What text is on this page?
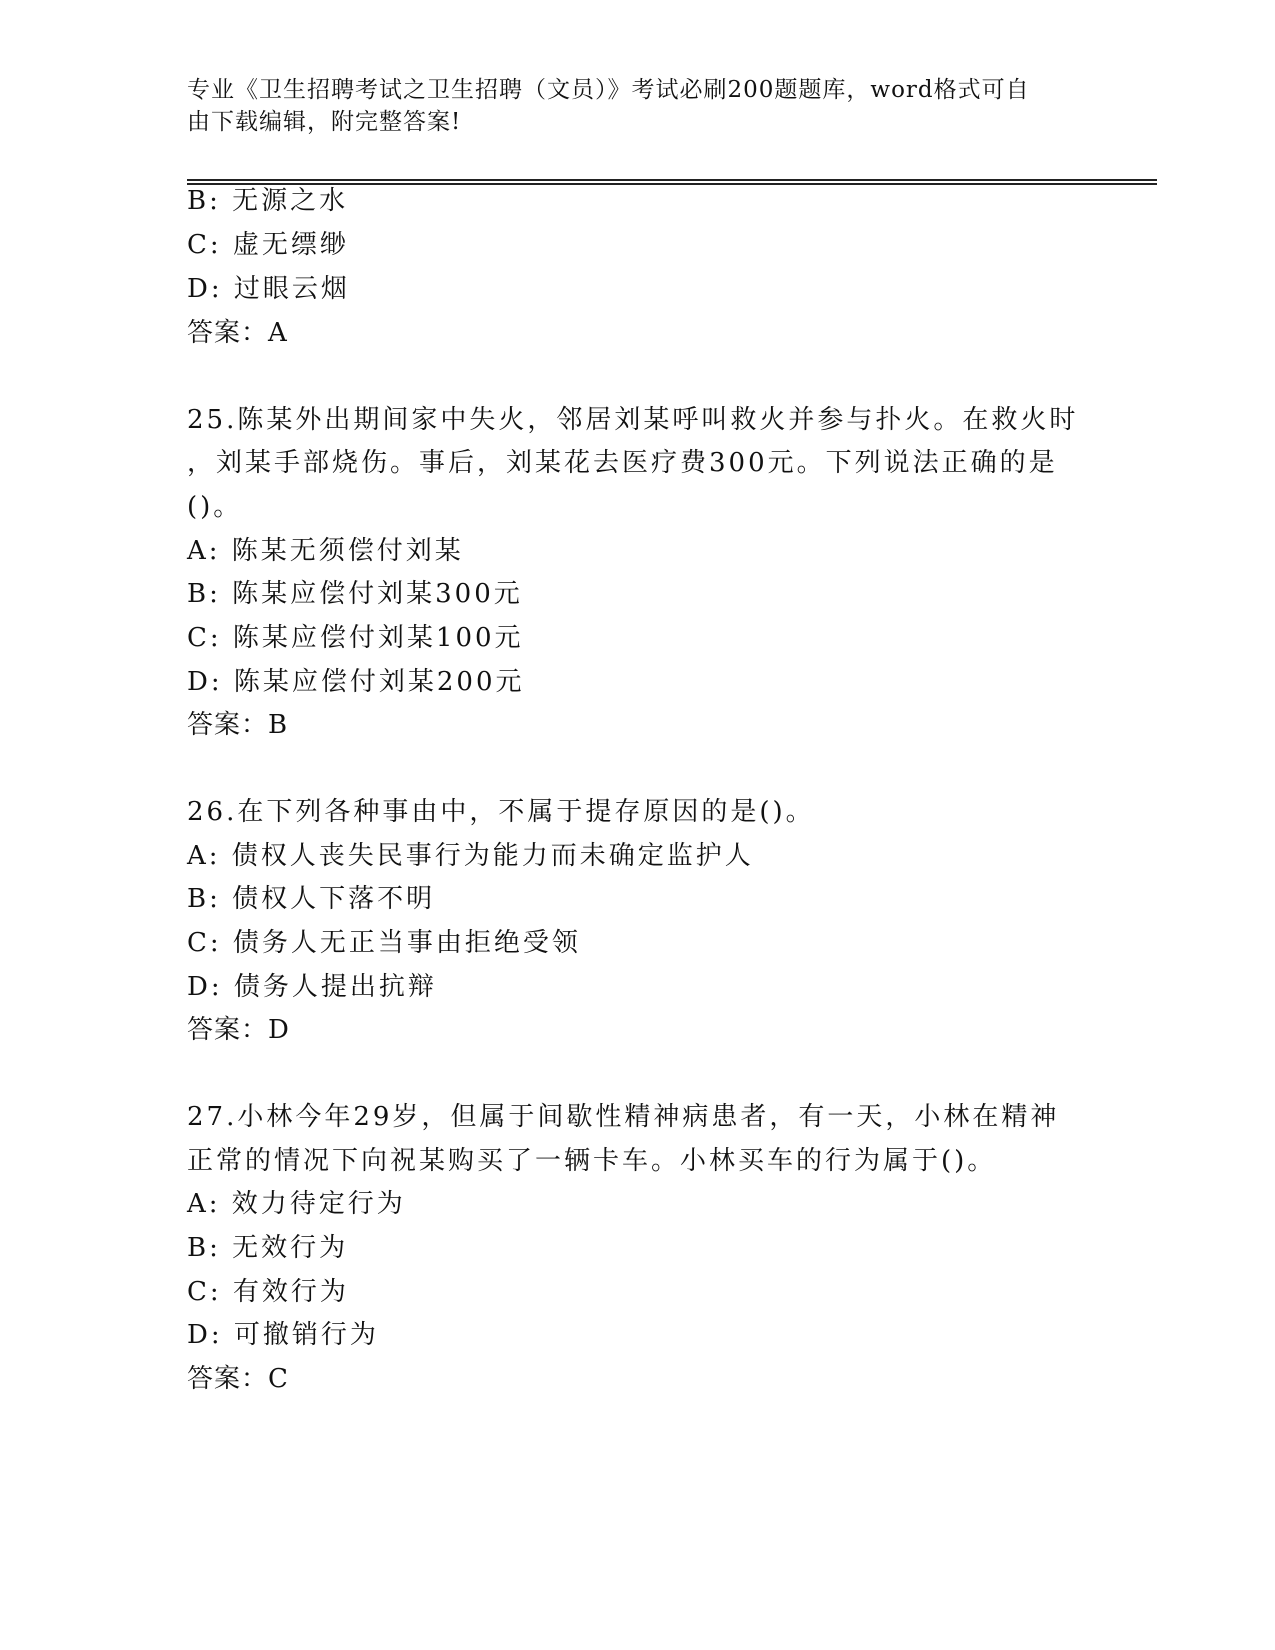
专业《卫生招聘考试之卫生招聘（文员）》考试必刷200题题库，word格式可自
由下载编辑，附完整答案!
B: 无源之水
C: 虚无缥缈
D: 过眼云烟
答案：A
25.陈某外出期间家中失火，邻居刘某呼叫救火并参与扑火。在救火时
，刘某手部烧伤。事后，刘某花去医疗费300元。下列说法正确的是
()。
A: 陈某无须偿付刘某
B: 陈某应偿付刘某300元
C: 陈某应偿付刘某100元
D: 陈某应偿付刘某200元
答案：B
26.在下列各种事由中，不属于提存原因的是()。
A: 债权人丧失民事行为能力而未确定监护人
B: 债权人下落不明
C: 债务人无正当事由拒绝受领
D: 债务人提出抗辩
答案：D
27.小林今年29岁，但属于间歇性精神病患者，有一天，小林在精神
正常的情况下向祝某购买了一辆卡车。小林买车的行为属于()。
A: 效力待定行为
B: 无效行为
C: 有效行为
D: 可撤销行为
答案：C
